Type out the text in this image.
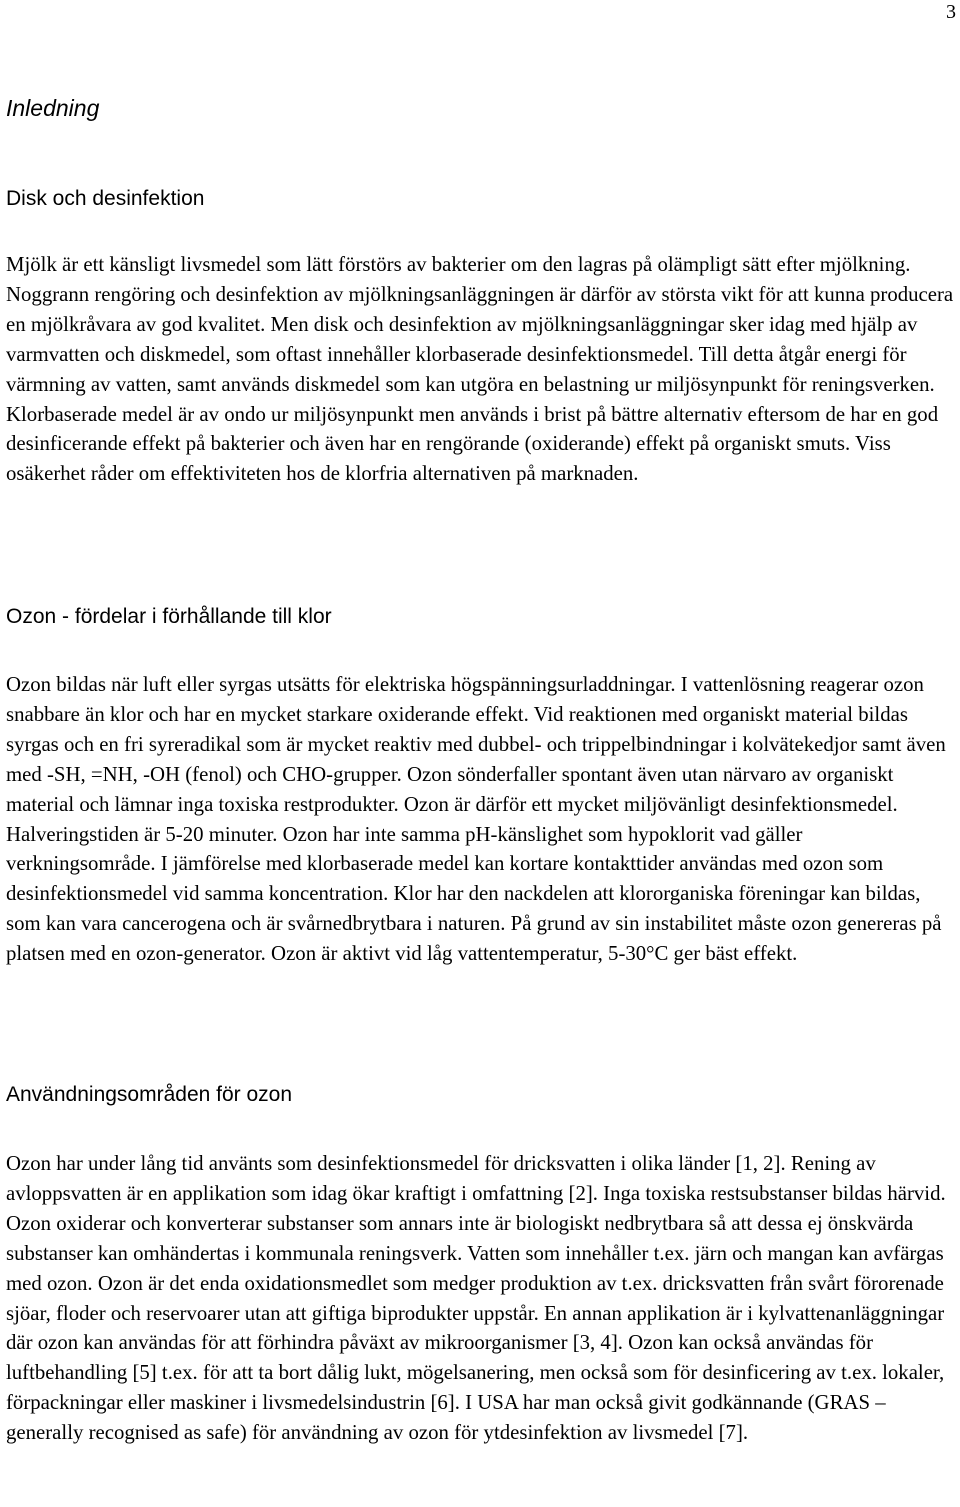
3
Inledning
Disk och desinfektion

Mjölk är ett känsligt livsmedel som lätt förstörs av bakterier om den lagras på olämpligt sätt efter mjölkning. Noggrann rengöring och desinfektion av mjölkningsanläggningen är därför av största vikt för att kunna producera en mjölkråvara av god kvalitet. Men disk och desinfektion av mjölkningsanläggningar sker idag med hjälp av varmvatten och diskmedel, som oftast innehåller klorbaserade desinfektionsmedel. Till detta åtgår energi för värmning av vatten, samt används diskmedel som kan utgöra en belastning ur miljösynpunkt för reningsverken. Klorbaserade medel är av ondo ur miljösynpunkt men används i brist på bättre alternativ eftersom de har en god desinficerande effekt på bakterier och även har en rengörande (oxiderande) effekt på organiskt smuts. Viss osäkerhet råder om effektiviteten hos de klorfria alternativen på marknaden.

Ozon - fördelar i förhållande till klor

Ozon bildas när luft eller syrgas utsätts för elektriska högspänningsurladdningar. I vattenlösning reagerar ozon snabbare än klor och har en mycket starkare oxiderande effekt. Vid reaktionen med organiskt material bildas syrgas och en fri syreradikal som är mycket reaktiv med dubbel- och trippelbindningar i kolvätekedjor samt även med -SH, =NH, -OH (fenol) och CHO-grupper. Ozon sönderfaller spontant även utan närvaro av organiskt material och lämnar inga toxiska restprodukter. Ozon är därför ett mycket miljövänligt desinfektionsmedel. Halveringstiden är 5-20 minuter. Ozon har inte samma pH-känslighet som hypoklorit vad gäller verkningsområde. I jämförelse med klorbaserade medel kan kortare kontakttider användas med ozon som desinfektionsmedel vid samma koncentration. Klor har den nackdelen att klororganiska föreningar kan bildas, som kan vara cancerogena och är svårnedbrytbara i naturen. På grund av sin instabilitet måste ozon genereras på platsen med en ozon-generator. Ozon är aktivt vid låg vattentemperatur, 5-30°C ger bäst effekt.

Användningsområden för ozon

Ozon har under lång tid använts som desinfektionsmedel för dricksvatten i olika länder [1, 2]. Rening av avloppsvatten är en applikation som idag ökar kraftigt i omfattning [2]. Inga toxiska restsubstanser bildas härvid. Ozon oxiderar och konverterar substanser som annars inte är biologiskt nedbrytbara så att dessa ej önskvärda substanser kan omhändertas i kommunala reningsverk. Vatten som innehåller t.ex. järn och mangan kan avfärgas med ozon. Ozon är det enda oxidationsmedlet som medger produktion av t.ex. dricksvatten från svårt förorenade sjöar, floder och reservoarer utan att giftiga biprodukter uppstår. En annan applikation är i kylvattenanläggningar där ozon kan användas för att förhindra påväxt av mikroorganismer [3, 4]. Ozon kan också användas för luftbehandling [5] t.ex. för att ta bort dålig lukt, mögelsanering, men också som för desinficering av t.ex. lokaler, förpackningar eller maskiner i livsmedelsindustrin [6]. I USA har man också givit godkännande (GRAS – generally recognised as safe) för användning av ozon för ytdesinfektion av livsmedel [7].
